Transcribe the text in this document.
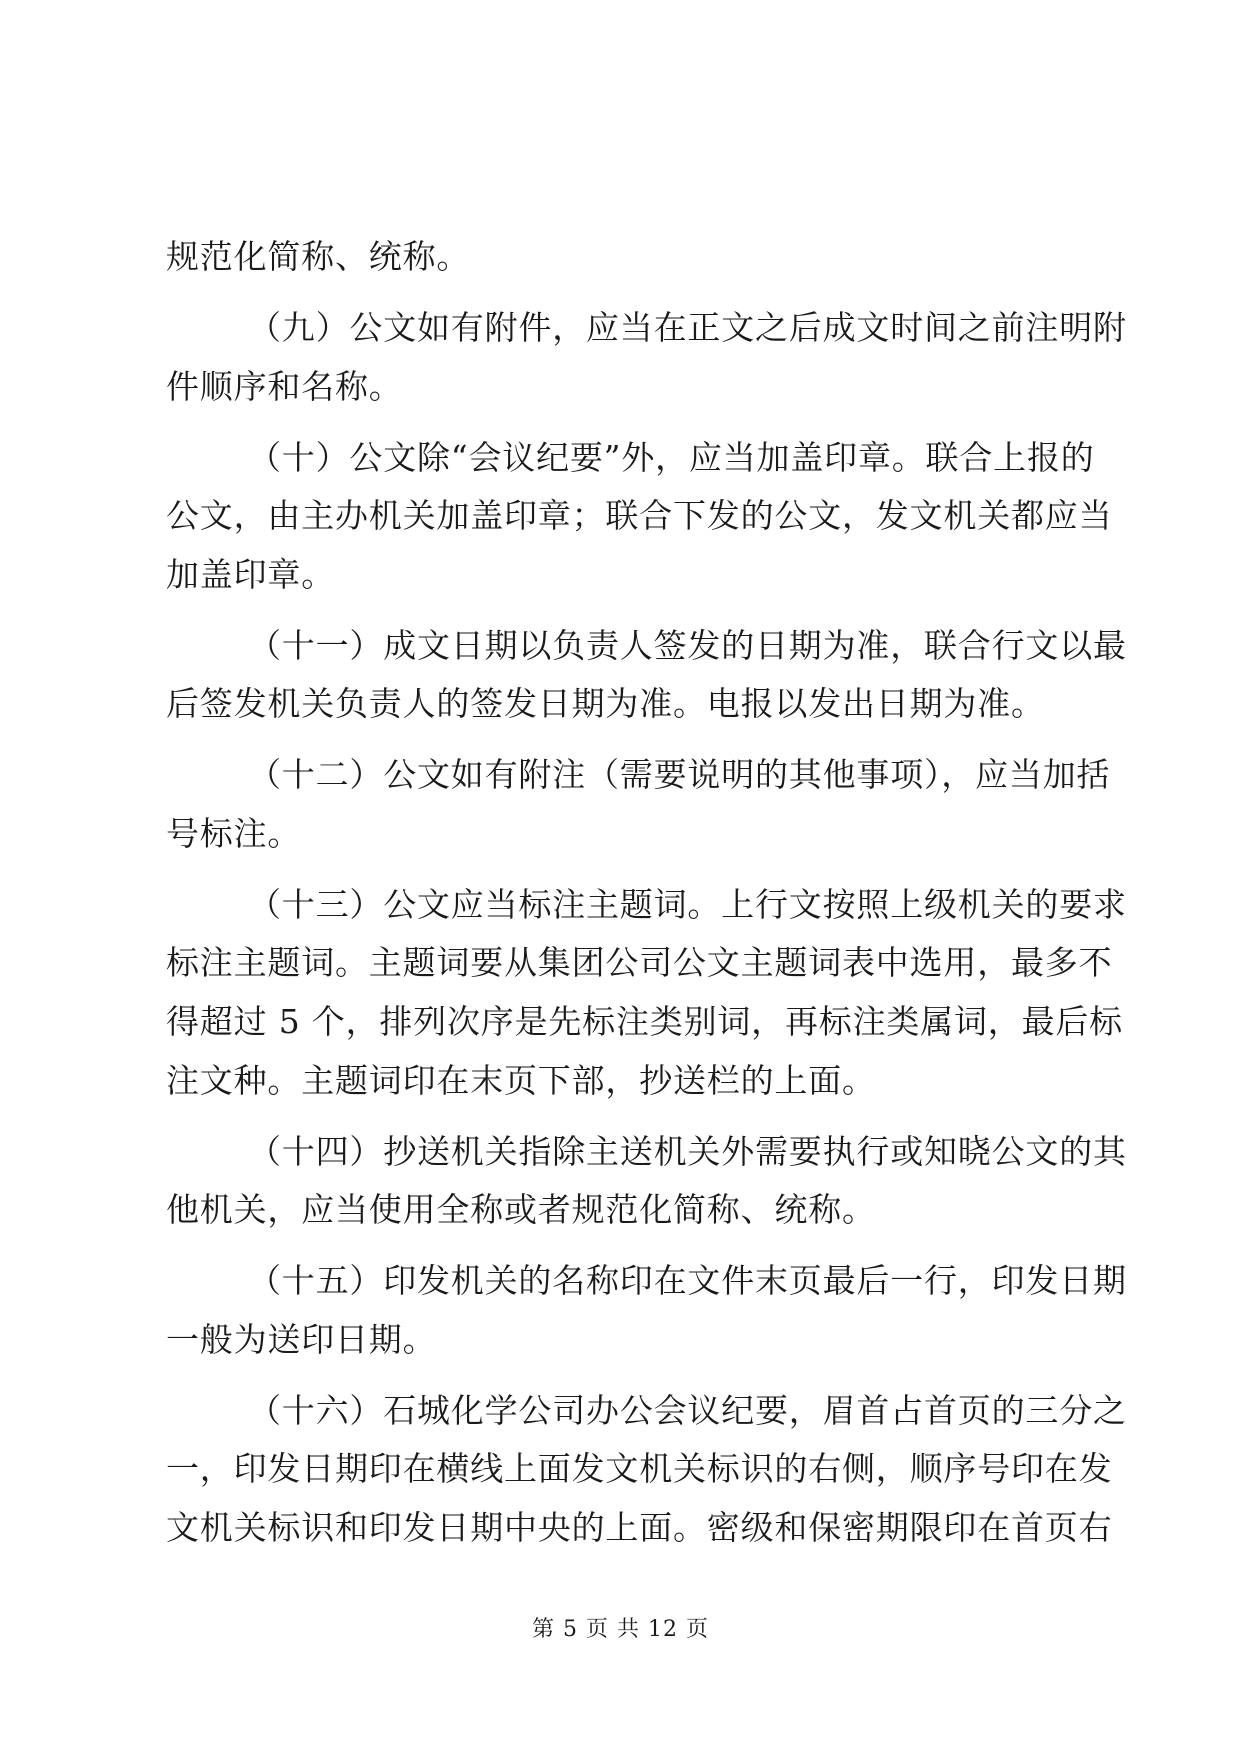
规范化简称、统称。
（九）公文如有附件，应当在正文之后成文时间之前注明附
件顺序和名称。
（十）公文除“会议纪要”外，应当加盖印章。联合上报的
公文，由主办机关加盖印章；联合下发的公文，发文机关都应当
加盖印章。
（十一）成文日期以负责人签发的日期为准，联合行文以最
后签发机关负责人的签发日期为准。电报以发出日期为准。
（十二）公文如有附注（需要说明的其他事项），应当加括
号标注。
（十三）公文应当标注主题词。上行文按照上级机关的要求
标注主题词。主题词要从集团公司公文主题词表中选用，最多不
得超过 5 个，排列次序是先标注类别词，再标注类属词，最后标
注文种。主题词印在末页下部，抄送栏的上面。
（十四）抄送机关指除主送机关外需要执行或知晓公文的其
他机关，应当使用全称或者规范化简称、统称。
（十五）印发机关的名称印在文件末页最后一行，印发日期
一般为送印日期。
（十六）石城化学公司办公会议纪要，眉首占首页的三分之
一，印发日期印在横线上面发文机关标识的右侧，顺序号印在发
文机关标识和印发日期中央的上面。密级和保密期限印在首页右
第 5 页 共 12 页
